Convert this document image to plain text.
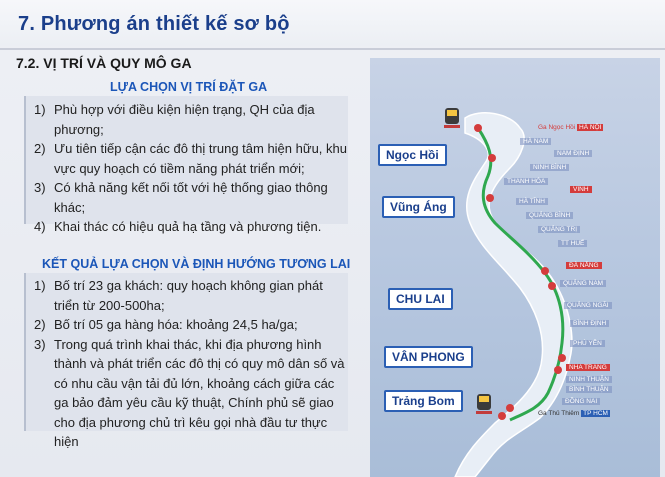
7. Phương án thiết kế sơ bộ
7.2. VỊ TRÍ VÀ QUY MÔ GA
LỰA CHỌN VỊ TRÍ ĐẶT GA
1) Phù hợp với điều kiện hiện trạng, QH của địa phương;
2) Ưu tiên tiếp cận các đô thị trung tâm hiện hữu, khu vực quy hoạch có tiềm năng phát triển mới;
3) Có khả năng kết nối tốt với hệ thống giao thông khác;
4) Khai thác có hiệu quả hạ tầng và phương tiện.
KẾT QUẢ LỰA CHỌN VÀ ĐỊNH HƯỚNG TƯƠNG LAI
1) Bố trí 23 ga khách: quy hoạch không gian phát triển từ 200-500ha;
2) Bố trí 05 ga hàng hóa: khoảng 24,5 ha/ga;
3) Trong quá trình khai thác, khi địa phương hình thành và phát triển các đô thị có quy mô dân số và có nhu cầu vận tải đủ lớn, khoảng cách giữa các ga bảo đảm yêu cầu kỹ thuật, Chính phủ sẽ giao cho địa phương chủ trì kêu gọi nhà đầu tư thực hiện
Ngọc Hồi
Vũng Áng
CHU LAI
VÂN PHONG
Trảng Bom
Ga Ngọc Hồi HÀ NỘI
HÀ NAM
NAM ĐỊNH
NINH BÌNH
THANH HÓA
HÀ TĨNH
QUẢNG BÌNH
QUẢNG TRỊ
TT HUẾ
QUẢNG NAM
QUẢNG NGÃI
BÌNH ĐỊNH
PHÚ YÊN
NINH THUẬN
BÌNH THUẬN
ĐỒNG NAI
VINH
ĐÀ NẴNG
NHA TRANG
Ga Thủ Thiêm TP HCM
